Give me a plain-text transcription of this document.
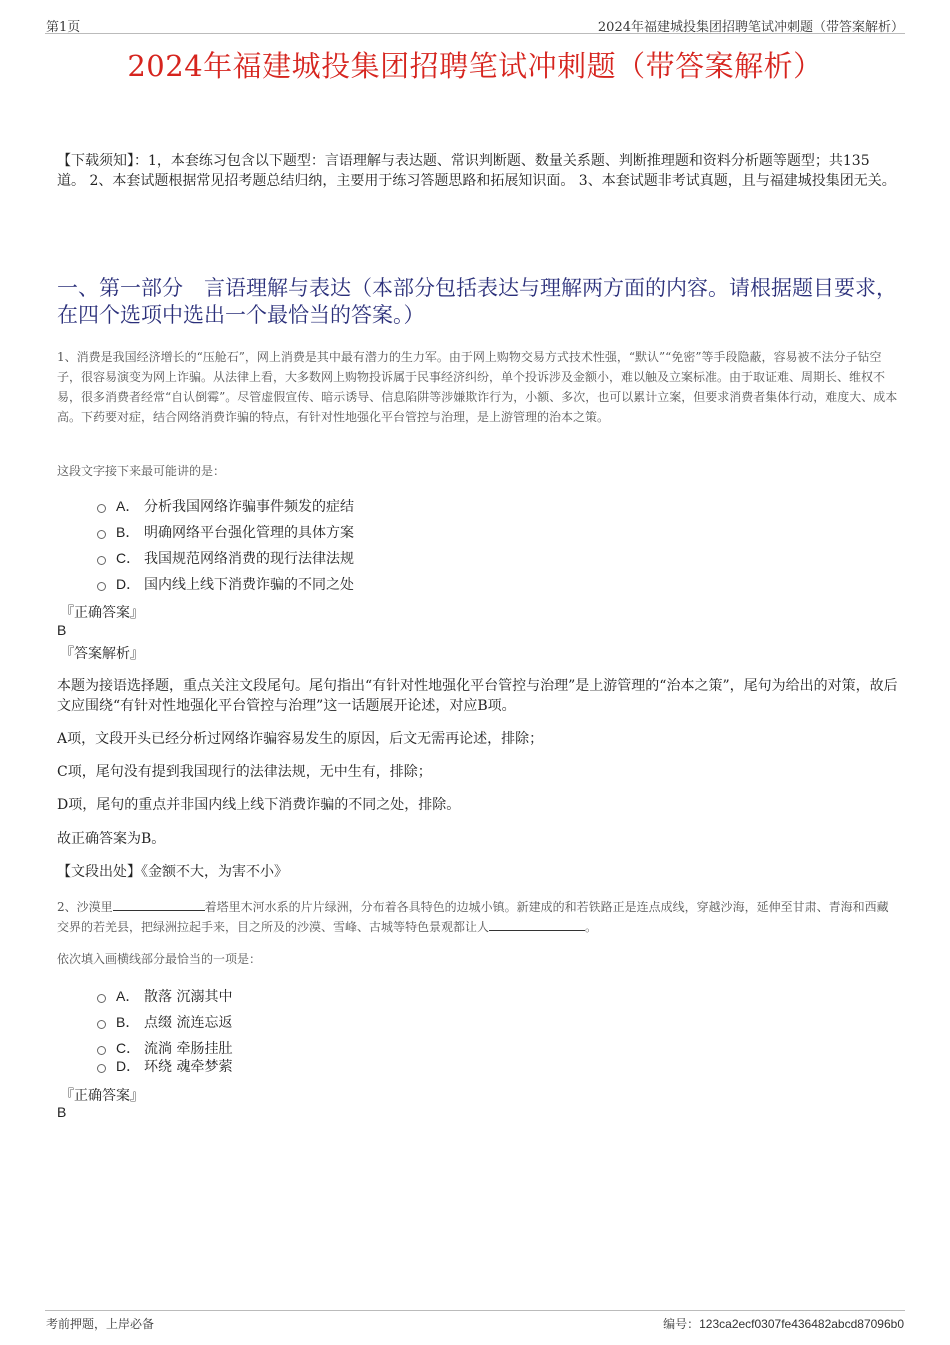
第1页	2024年福建城投集团招聘笔试冲刺题（带答案解析）
2024年福建城投集团招聘笔试冲刺题（带答案解析）
【下载须知】：1，本套练习包含以下题型：言语理解与表达题、常识判断题、数量关系题、判断推理题和资料分析题等题型；共135道。 2、本套试题根据常见招考题总结归纳，主要用于练习答题思路和拓展知识面。 3、本套试题非考试真题，且与福建城投集团无关。
一、第一部分　言语理解与表达（本部分包括表达与理解两方面的内容。请根据题目要求，在四个选项中选出一个最恰当的答案。）
1、消费是我国经济增长的“压舱石”，网上消费是其中最有潜力的生力军。由于网上购物交易方式技术性强，“默认”“免密”等手段隐蔽，容易被不法分子钻空子，很容易演变为网上诈骗。从法律上看，大多数网上购物投诉属于民事经济纠纷，单个投诉涉及金额小，难以触及立案标准。由于取证难、周期长、维权不易，很多消费者经常“自认倒霉”。尽管虚假宣传、暗示诱导、信息陷阱等涉嫌欺诈行为，小额、多次，也可以累计立案，但要求消费者集体行动，难度大、成本高。下药要对症，结合网络消费诈骗的特点，有针对性地强化平台管控与治理，是上游管理的治本之策。
这段文字接下来最可能讲的是：
A． 分析我国网络诈骗事件频发的症结
B． 明确网络平台强化管理的具体方案
C． 我国规范网络消费的现行法律法规
D． 国内线上线下消费诈骗的不同之处
『正确答案』
B
『答案解析』
本题为接语选择题，重点关注文段尾句。尾句指出“有针对性地强化平台管控与治理”是上游管理的“治本之策”，尾句为给出的对策，故后文应围绕“有针对性地强化平台管控与治理”这一话题展开论述，对应B项。
A项，文段开头已经分析过网络诈骗容易发生的原因，后文无需再论述，排除；
C项，尾句没有提到我国现行的法律法规，无中生有，排除；
D项，尾句的重点并非国内线上线下消费诈骗的不同之处，排除。
故正确答案为B。
【文段出处】《金额不大，为害不小》
2、沙漠里	着塔里木河水系的片片绿洲，分布着各具特色的边城小镇。新建成的和若铁路正是连点成线，穿越沙海，延伸至甘肃、青海和西藏交界的若羌县，把绿洲拉起手来，目之所及的沙漠、雪峰、古城等特色景观都让人	。
依次填入画横线部分最恰当的一项是：
A． 散落 沉溺其中
B． 点缀 流连忘返
C． 流淌 牵肠挂肚
D． 环绕 魂牵梦萦
『正确答案』
B
考前押题，上岸必备	编号：123ca2ecf0307fe436482abcd87096b0
